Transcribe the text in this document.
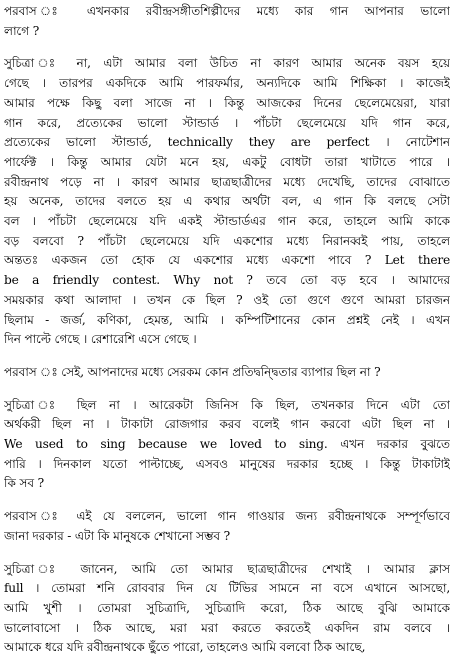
পরবাস ঃ এখনকার রবীন্দ্রসঙ্গীতশিল্পীদের মধ্যে কার গান আপনার ভালো
লাগে ?
সুচিত্রা ঃ না, এটা আমার বলা উচিত না কারণ আমার অনেক বয়স হয়ে
গেছে । তারপর একদিকে আমি পারফর্মার, অন্যদিকে আমি শিক্ষিকা । কাজেই
আমার পক্ষে কিছু বলা সাজে না । কিন্তু আজকের দিনের ছেলেমেয়েরা, যারা
গান করে, প্রত্যেকের ভালো স্টান্ডার্ড । পাঁচটা ছেলেমেয়ে যদি গান করে,
প্রত্যেকের ভালো স্টান্ডার্ড, technically they are perfect । নোটেশান
পার্ফেক্ট । কিন্তু আমার যেটা মনে হয়, একটু বোধটা তারা খাটাতে পারে ।
রবীন্দ্রনাথ পড়ে না । কারণ আমার ছাত্রছাত্রীদের মধ্যে দেখেছি, তাদের বোঝাতে
হয় অনেক, তাদের বলতে হয় এ কথার অর্থটা বল, এ গান কি বলছে সেটা
বল । পাঁচটা ছেলেমেয়ে যদি একই স্টান্ডার্ডএর গান করে, তাহলে আমি কাকে
বড় বলবো ? পাঁচটা ছেলেমেয়ে যদি একশোর মধ্যে নিরানব্বই পায়, তাহলে
অন্ততঃ একজন তো হোক যে একশোর মধ্যে একশো পাবে ? Let there
be a friendly contest. Why not ? তবে তো বড় হবে । আমাদের
সময়কার কথা আলাদা । তখন কে ছিল ? ওই তো গুণে গুণে আমরা চারজন
ছিলাম - জর্জ, কণিকা, হেমন্ত, আমি । কম্পিটিশানের কোন প্রশ্নই নেই । এখন
দিন পাল্টে গেছে । রেশারেশি এসে গেছে ।
পরবাস ঃ সেই, আপনাদের মধ্যে সেরকম কোন প্রতিদ্বন্দ্বিতার ব্যাপার ছিল না ?
সুচিত্রা ঃ ছিল না । আরেকটা জিনিস কি ছিল, তখনকার দিনে এটা তো
অর্থকরী ছিল না । টাকাটা রোজগার করব বলেই গান করবো এটা ছিল না ।
We used to sing because we loved to sing. এখন দরকার বুঝতে
পারি । দিনকাল যতো পাল্টাচ্ছে, এসবও মানুষের দরকার হচ্ছে । কিন্তু টাকাটাই
কি সব ?
পরবাস ঃ এই যে বললেন, ভালো গান গাওয়ার জন্য রবীন্দ্রনাথকে সম্পূর্ণভাবে
জানা দরকার - এটা কি মানুষকে শেখানো সম্ভব ?
সুচিত্রা ঃ জানেন, আমি তো আমার ছাত্রছাত্রীদের শেখাই । আমার ক্লাস
full । তোমরা শনি রোববার দিন যে টিভির সামনে না বসে এখানে আসছো,
আমি খুশী । তোমরা সুচিত্রাদি, সুচিত্রাদি করো, ঠিক আছে বুঝি আমাকে
ভালোবাসো । ঠিক আছে, মরা মরা করতে করতেই একদিন রাম বলবে ।
আমাকে ধরে যদি রবীন্দ্রনাথকে ছুঁতে পারো, তাহলেও আমি বলবো ঠিক আছে,
